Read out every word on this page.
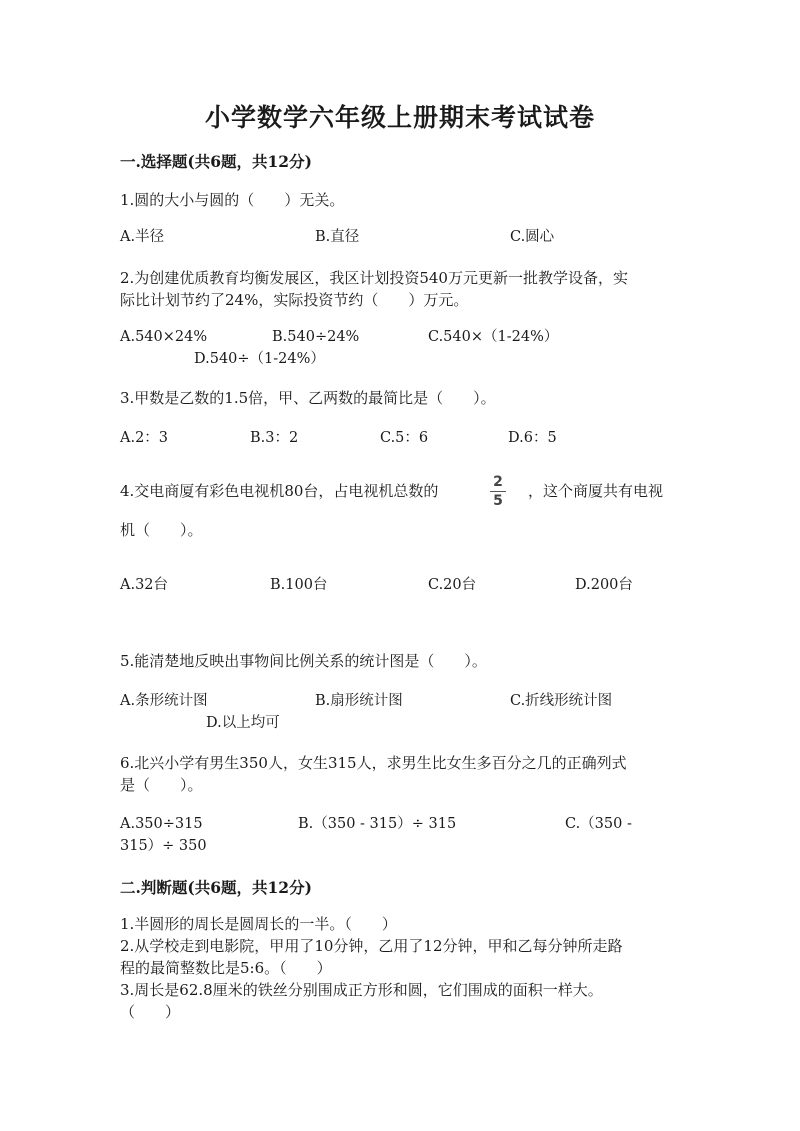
小学数学六年级上册期末考试试卷
一.选择题(共6题，共12分)
1.圆的大小与圆的（　　）无关。
A.半径	B.直径	C.圆心
2.为创建优质教育均衡发展区，我区计划投资540万元更新一批教学设备，实
际比计划节约了24%，实际投资节约（　　）万元。
A.540×24%	B.540÷24%	C.540×（1-24%）
D.540÷（1-24%）
3.甲数是乙数的1.5倍，甲、乙两数的最简比是（　　）。
A.2：3	B.3：2	C.5：6	D.6：5
4.交电商厦有彩色电视机80台，占电视机总数的	2
5
，这个商厦共有电视
机（　　）。
A.32台	B.100台	C.20台	D.200台
5.能清楚地反映出事物间比例关系的统计图是（　　）。
A.条形统计图	B.扇形统计图	C.折线形统计图
D.以上均可
6.北兴小学有男生350人，女生315人，求男生比女生多百分之几的正确列式
是（　　）。
A.350÷315	B.（350 - 315）÷ 315	C.（350 -
315）÷ 350
二.判断题(共6题，共12分)
1.半圆形的周长是圆周长的一半。（　　）
2.从学校走到电影院，甲用了10分钟，乙用了12分钟，甲和乙每分钟所走路
程的最简整数比是5:6。（　　）
3.周长是62.8厘米的铁丝分别围成正方形和圆，它们围成的面积一样大。
（　　）
